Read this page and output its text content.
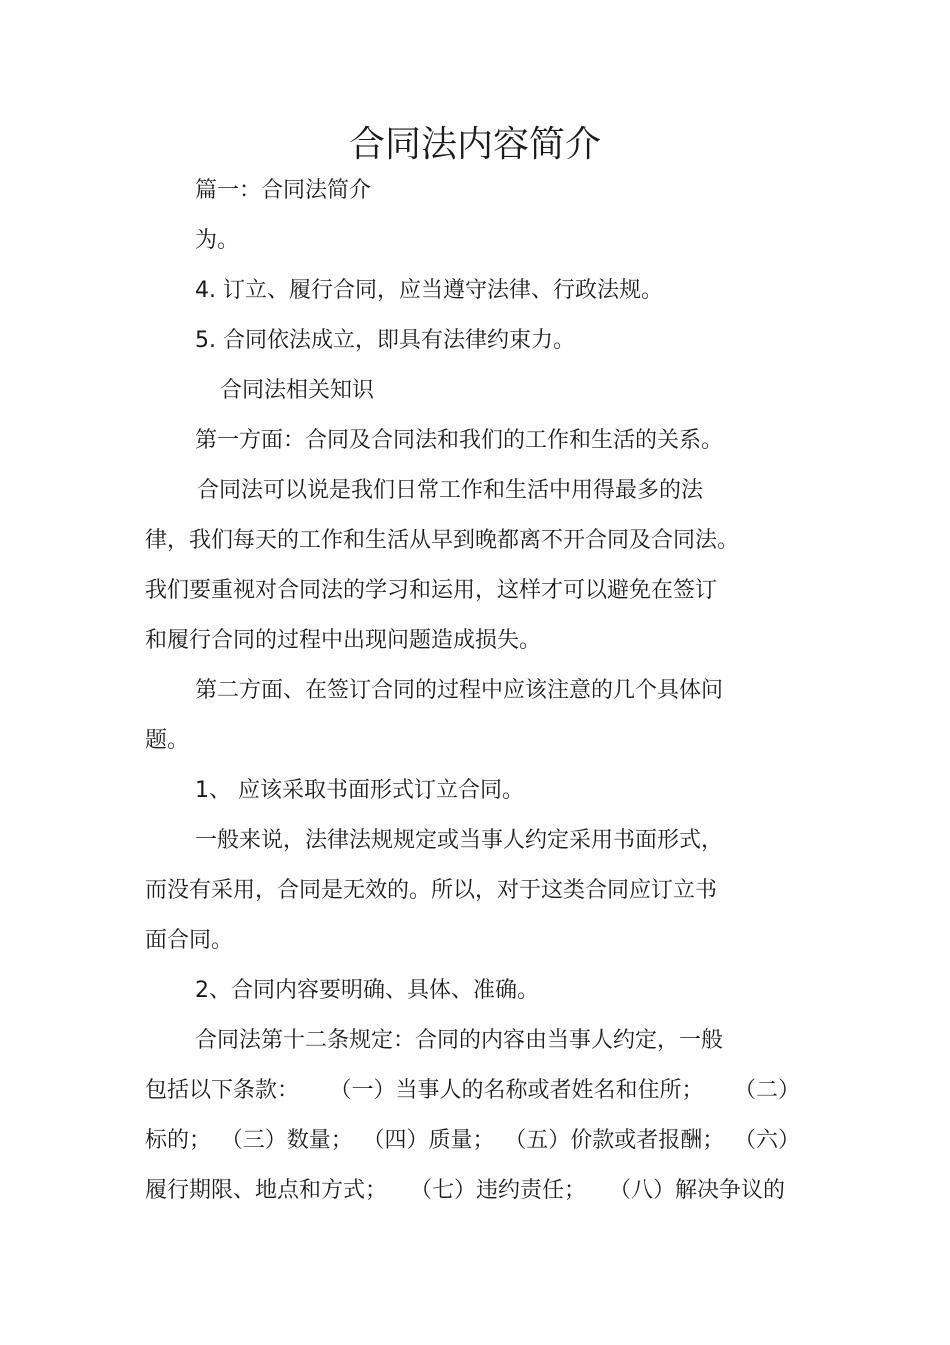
合同法内容简介
篇一：合同法简介
为。
4. 订立、履行合同，应当遵守法律、行政法规。
5. 合同依法成立，即具有法律约束力。
合同法相关知识
第一方面：合同及合同法和我们的工作和生活的关系。
合同法可以说是我们日常工作和生活中用得最多的法
律，我们每天的工作和生活从早到晚都离不开合同及合同法。
我们要重视对合同法的学习和运用，这样才可以避免在签订
和履行合同的过程中出现问题造成损失。
第二方面、在签订合同的过程中应该注意的几个具体问
题。
1、 应该采取书面形式订立合同。
一般来说，法律法规规定或当事人约定采用书面形式，
而没有采用，合同是无效的。所以，对于这类合同应订立书
面合同。
2、合同内容要明确、具体、准确。
合同法第十二条规定：合同的内容由当事人约定，一般
包括以下条款： （一）当事人的名称或者姓名和住所； （二）
标的； （三）数量； （四）质量； （五）价款或者报酬； （六）
履行期限、地点和方式； （七）违约责任； （八）解决争议的
